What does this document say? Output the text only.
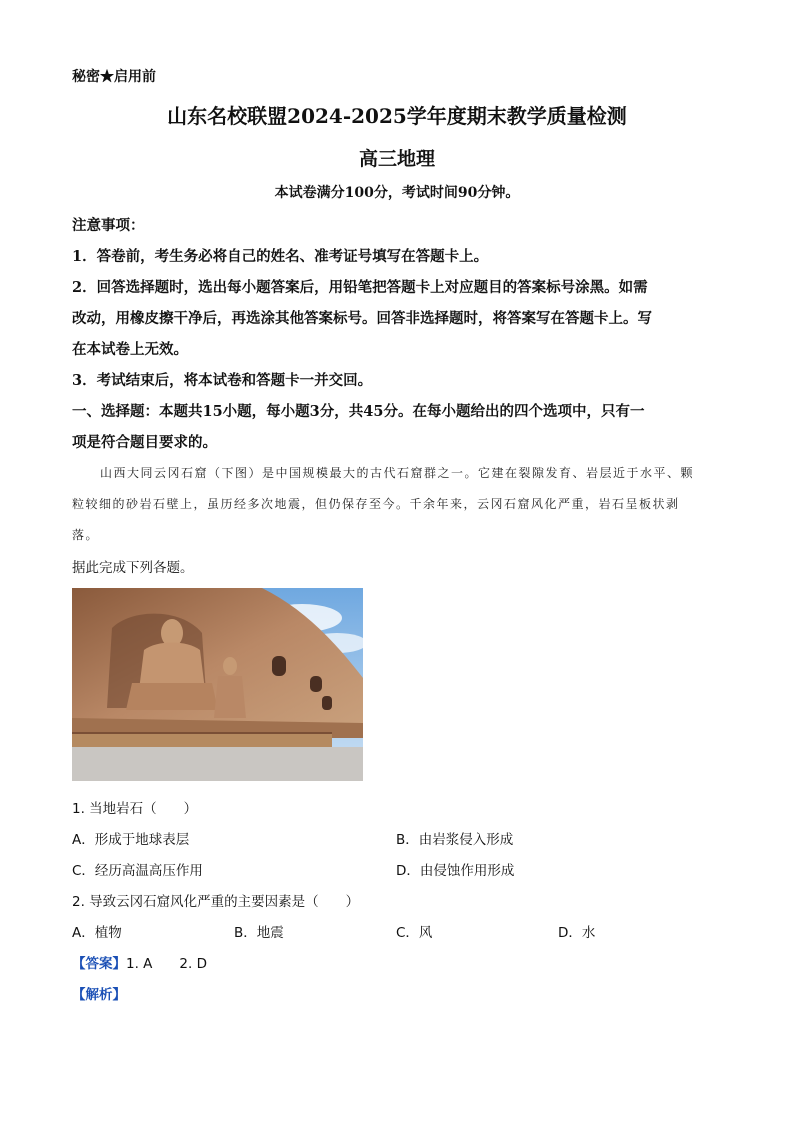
秘密★启用前
山东名校联盟2024-2025学年度期末教学质量检测
高三地理
本试卷满分100分，考试时间90分钟。
注意事项：
1．答卷前，考生务必将自己的姓名、准考证号填写在答题卡上。
2．回答选择题时，选出每小题答案后，用铅笔把答题卡上对应题目的答案标号涂黑。如需
改动，用橡皮擦干净后，再选涂其他答案标号。回答非选择题时，将答案写在答题卡上。写
在本试卷上无效。
3．考试结束后，将本试卷和答题卡一并交回。
一、选择题：本题共15小题，每小题3分，共45分。在每小题给出的四个选项中，只有一
项是符合题目要求的。
山西大同云冈石窟（下图）是中国规模最大的古代石窟群之一。它建在裂隙发育、岩层近于水平、颗
粒较细的砂岩石壁上，虽历经多次地震，但仍保存至今。千余年来，云冈石窟风化严重，岩石呈板状剥
落。
据此完成下列各题。
1. 当地岩石（　　）
A．形成于地球表层	B．由岩浆侵入形成
C．经历高温高压作用	D．由侵蚀作用形成
2. 导致云冈石窟风化严重的主要因素是（　　）
A．植物	B．地震	C．风	D．水
【答案】1. A　　2. D
【解析】
